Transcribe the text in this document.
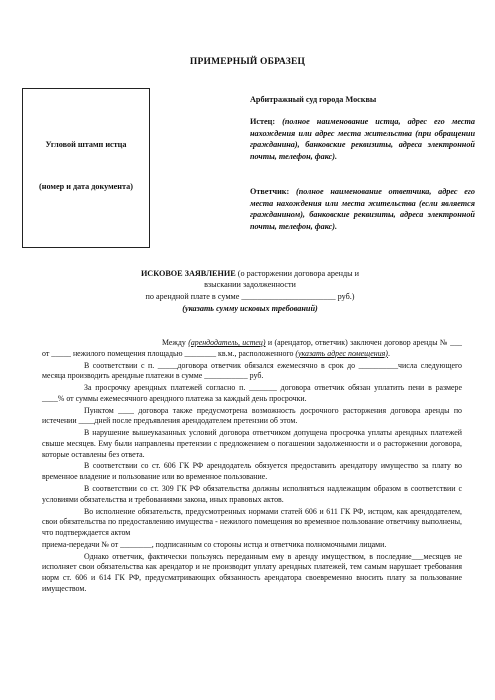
ПРИМЕРНЫЙ ОБРАЗЕЦ
Угловой штамп истца
(номер и дата документа)
Арбитражный суд города Москвы
Истец: (полное наименование истца, адрес его места нахождения или адрес места жительства (при обращении гражданина), банковские реквизиты, адреса электронной почты, телефон, факс).
Ответчик: (полное наименование ответчика, адрес его места нахождения или места жительства (если является гражданином), банковские реквизиты, адреса электронной почты, телефон, факс).
ИСКОВОЕ ЗАЯВЛЕНИЕ (о расторжении договора аренды и
взыскании задолженности
по арендной плате в сумме _______________________ руб.)
(указать сумму исковых требований)

Между (арендодатель, истец) и (арендатор, ответчик) заключен договор аренды № ___ от _____ нежилого помещения площадью ________ кв.м., расположенного (указать адрес помещения).

В соответствии с п. _____договора ответчик обязался ежемесячно в срок до __________числа следующего месяца производить арендные платежи в сумме ___________ руб.

За просрочку арендных платежей согласно п. _______ договора ответчик обязан уплатить пени в размере ____% от суммы ежемесячного арендного платежа за каждый день просрочки.

Пунктом ____ договора также предусмотрена возможность досрочного расторжения договора аренды по истечении ____дней после предъявления арендодателем претензии об этом.

В нарушение вышеуказанных условий договора ответчиком допущена просрочка уплаты арендных платежей свыше месяцев. Ему были направлены претензии с предложением о погашении задолженности и о расторжении договора, которые оставлены без ответа.

В соответствии со ст. 606 ГК РФ арендодатель обязуется предоставить арендатору имущество за плату во временное владение и пользование или во временное пользование.

В соответствии со ст. 309 ГК РФ обязательства должны исполняться надлежащим образом в соответствии с условиями обязательства и требованиями закона, иных правовых актов.

Во исполнение обязательств, предусмотренных нормами статей 606 и 611 ГК РФ, истцом, как арендодателем, свои обязательства по предоставлению имущества - нежилого помещения во временное пользование ответчику выполнены, что подтверждается актом

приема-передачи № от ________, подписанным со стороны истца и ответчика полномочными лицами.

Однако ответчик, фактически пользуясь переданным ему в аренду имуществом, в последние___месяцев не исполняет свои обязательства как арендатор и не производит уплату арендных платежей, тем самым нарушает требования норм ст. 606 и 614 ГК РФ, предусматривающих обязанность арендатора своевременно вносить плату за пользование имуществом.
